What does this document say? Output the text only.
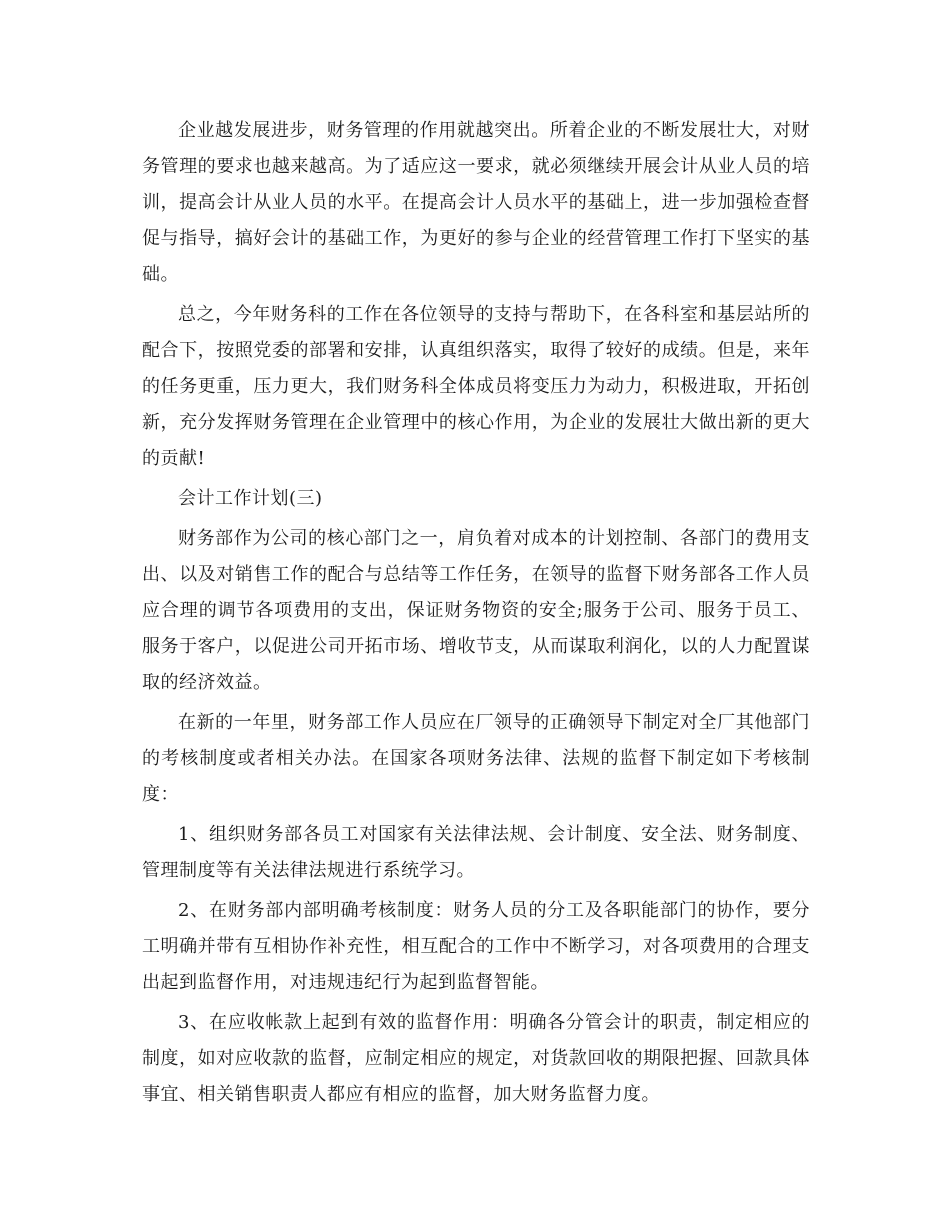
企业越发展进步，财务管理的作用就越突出。所着企业的不断发展壮大，对财务管理的要求也越来越高。为了适应这一要求，就必须继续开展会计从业人员的培训，提高会计从业人员的水平。在提高会计人员水平的基础上，进一步加强检查督促与指导，搞好会计的基础工作，为更好的参与企业的经营管理工作打下坚实的基础。

总之，今年财务科的工作在各位领导的支持与帮助下，在各科室和基层站所的配合下，按照党委的部署和安排，认真组织落实，取得了较好的成绩。但是，来年的任务更重，压力更大，我们财务科全体成员将变压力为动力，积极进取，开拓创新，充分发挥财务管理在企业管理中的核心作用，为企业的发展壮大做出新的更大的贡献!

会计工作计划(三)

财务部作为公司的核心部门之一，肩负着对成本的计划控制、各部门的费用支出、以及对销售工作的配合与总结等工作任务，在领导的监督下财务部各工作人员应合理的调节各项费用的支出，保证财务物资的安全;服务于公司、服务于员工、服务于客户，以促进公司开拓市场、增收节支，从而谋取利润化，以的人力配置谋取的经济效益。

在新的一年里，财务部工作人员应在厂领导的正确领导下制定对全厂其他部门的考核制度或者相关办法。在国家各项财务法律、法规的监督下制定如下考核制度：

1、组织财务部各员工对国家有关法律法规、会计制度、安全法、财务制度、管理制度等有关法律法规进行系统学习。

2、在财务部内部明确考核制度：财务人员的分工及各职能部门的协作，要分工明确并带有互相协作补充性，相互配合的工作中不断学习，对各项费用的合理支出起到监督作用，对违规违纪行为起到监督智能。

3、在应收帐款上起到有效的监督作用：明确各分管会计的职责，制定相应的制度，如对应收款的监督，应制定相应的规定，对货款回收的期限把握、回款具体事宜、相关销售职责人都应有相应的监督，加大财务监督力度。
